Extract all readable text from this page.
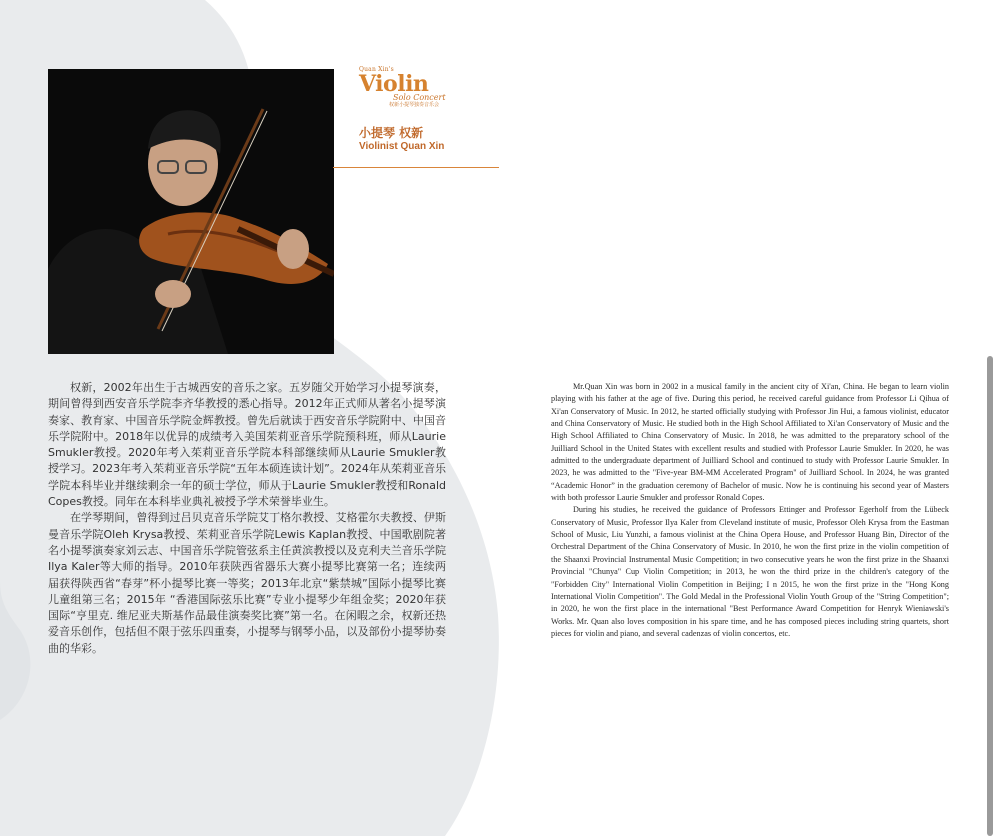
Quan Xin's
Violin
Solo Concert
权新小提琴独奏音乐会
小提琴 权新
Violinist Quan Xin

权新，2002年出生于古城西安的音乐之家。五岁随父开始学习小提琴演奏，期间曾得到西安音乐学院李齐华教授的悉心指导。2012年正式师从著名小提琴演奏家、教育家、中国音乐学院金辉教授。曾先后就读于西安音乐学院附中、中国音乐学院附中。2018年以优异的成绩考入美国茱莉亚音乐学院预科班，师从Laurie Smukler教授。2020年考入茱莉亚音乐学院本科部继续师从Laurie Smukler教授学习。2023年考入茱莉亚音乐学院“五年本硕连读计划”。2024年从茱莉亚音乐学院本科毕业并继续剩余一年的硕士学位，师从于Laurie Smukler教授和Ronald Copes教授。同年在本科毕业典礼被授予学术荣誉毕业生。

在学琴期间，曾得到过吕贝克音乐学院艾丁格尔教授、艾格霍尔夫教授、伊斯曼音乐学院Oleh Krysa教授、茱莉亚音乐学院Lewis Kaplan教授、中国歌剧院著名小提琴演奏家刘云志、中国音乐学院管弦系主任黄滨教授以及克利夫兰音乐学院Ilya Kaler等大师的指导。2010年获陕西省器乐大赛小提琴比赛第一名；连续两届获得陕西省“春芽”杯小提琴比赛一等奖；2013年北京“紫禁城”国际小提琴比赛儿童组第三名；2015年 “香港国际弦乐比赛”专业小提琴少年组金奖；2020年获国际“亨里克. 维尼亚夫斯基作品最佳演奏奖比赛”第一名。在闲暇之余，权新还热爱音乐创作，包括但不限于弦乐四重奏，小提琴与钢琴小品，以及部份小提琴协奏曲的华彩。

Mr.Quan Xin was born in 2002 in a musical family in the ancient city of Xi'an, China. He began to learn violin playing with his father at the age of five. During this period, he received careful guidance from Professor Li Qihua of Xi'an Conservatory of Music. In 2012, he started officially studying with Professor Jin Hui, a famous violinist, educator and China Conservatory of Music. He studied both in the High School Affiliated to Xi'an Conservatory of Music and the High School Affiliated to China Conservatory of Music. In 2018, he was admitted to the preparatory school of the Juilliard School in the United States with excellent results and studied with Professor Laurie Smukler. In 2020, he was admitted to the undergraduate department of Juilliard School and continued to study with Professor Laurie Smukler. In 2023, he was admitted to the "Five-year BM-MM Accelerated Program" of Juilliard School. In 2024, he was granted “Academic Honor” in the graduation ceremony of Bachelor of music. Now he is continuing his second year of Masters with both professor Laurie Smukler and professor Ronald Copes.

During his studies, he received the guidance of Professors Ettinger and Professor Egerholf from the Lübeck Conservatory of Music, Professor Ilya Kaler from Cleveland institute of music, Professor Oleh Krysa from the Eastman School of Music, Liu Yunzhi, a famous violinist at the China Opera House, and Professor Huang Bin, Director of the Orchestral Department of the China Conservatory of Music. In 2010, he won the first prize in the violin competition of the Shaanxi Provincial Instrumental Music Competition; in two consecutive years he won the first prize in the Shaanxi Provincial "Chunya" Cup Violin Competition; in 2013, he won the third prize in the children's category of the "Forbidden City" International Violin Competition in Beijing; I n 2015, he won the first prize in the "Hong Kong International Violin Competition". The Gold Medal in the Professional Violin Youth Group of the "String Competition"; in 2020, he won the first place in the international "Best Performance Award Competition for Henryk Wieniawski's Works. Mr. Quan also loves composition in his spare time, and he has composed pieces including string quartets, short pieces for violin and piano, and several cadenzas of violin concertos, etc.
